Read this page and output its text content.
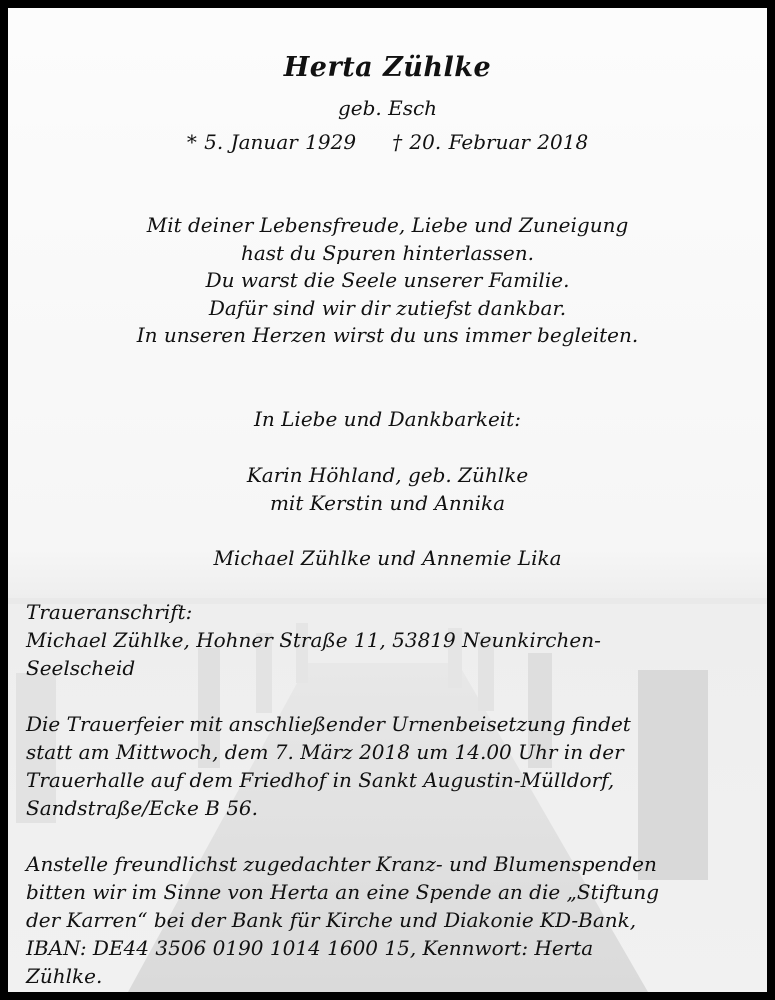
Herta Zühlke
geb. Esch
* 5. Januar 1929 † 20. Februar 2018
Mit deiner Lebensfreude, Liebe und Zuneigung
hast du Spuren hinterlassen.
Du warst die Seele unserer Familie.
Dafür sind wir dir zutiefst dankbar.
In unseren Herzen wirst du uns immer begleiten.
In Liebe und Dankbarkeit:
Karin Höhland, geb. Zühlke
mit Kerstin und Annika
Michael Zühlke und Annemie Lika
Traueranschrift:
Michael Zühlke, Hohner Straße 11, 53819 Neunkirchen-
Seelscheid
Die Trauerfeier mit anschließender Urnenbeisetzung findet
statt am Mittwoch, dem 7. März 2018 um 14.00 Uhr in der
Trauerhalle auf dem Friedhof in Sankt Augustin-Mülldorf,
Sandstraße/Ecke B 56.
Anstelle freundlichst zugedachter Kranz- und Blumenspenden
bitten wir im Sinne von Herta an eine Spende an die „Stiftung
der Karren“ bei der Bank für Kirche und Diakonie KD-Bank,
IBAN: DE44 3506 0190 1014 1600 15, Kennwort: Herta
Zühlke.
